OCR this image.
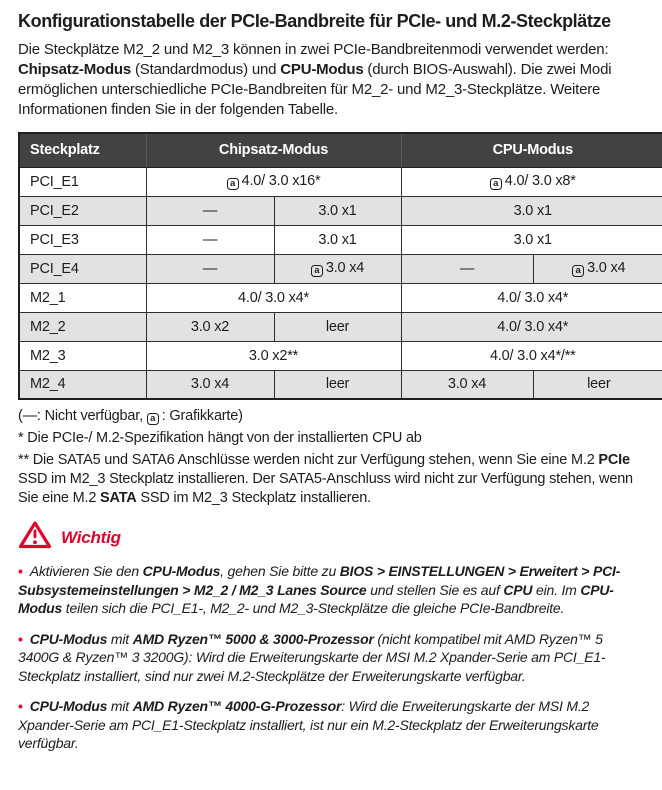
Konfigurationstabelle der PCIe-Bandbreite für PCIe- und M.2-Steckplätze

Die Steckplätze M2_2 und M2_3 können in zwei PCIe-Bandbreitenmodi verwendet werden: Chipsatz-Modus (Standardmodus) und CPU-Modus (durch BIOS-Auswahl). Die zwei Modi ermöglichen unterschiedliche PCIe-Bandbreiten für M2_2- und M2_3-Steckplätze. Weitere Informationen finden Sie in der folgenden Tabelle.

Steckplatz	Chipsatz-Modus		CPU-Modus	
PCI_E1	a 4.0/ 3.0 x16*		a 4.0/ 3.0 x8*	
PCI_E2	—	3.0 x1	3.0 x1	
PCI_E3	—	3.0 x1	3.0 x1	
PCI_E4	—	a 3.0 x4	—	a 3.0 x4
M2_1	4.0/ 3.0 x4*		4.0/ 3.0 x4*	
M2_2	3.0 x2	leer	4.0/ 3.0 x4*	
M2_3	3.0 x2**		4.0/ 3.0 x4*/**	
M2_4	3.0 x4	leer	3.0 x4	leer

(—: Nicht verfügbar, a : Grafikkarte)

* Die PCIe-/ M.2-Spezifikation hängt von der installierten CPU ab

** Die SATA5 und SATA6 Anschlüsse werden nicht zur Verfügung stehen, wenn Sie eine M.2 PCIe SSD im M2_3 Steckplatz installieren. Der SATA5-Anschluss wird nicht zur Verfügung stehen, wenn Sie eine M.2 SATA SSD im M2_3 Steckplatz installieren.

Wichtig

• Aktivieren Sie den CPU-Modus, gehen Sie bitte zu BIOS > EINSTELLUNGEN > Erweitert > PCI-Subsystemeinstellungen > M2_2 / M2_3 Lanes Source und stellen Sie es auf CPU ein. Im CPU-Modus teilen sich die PCI_E1-, M2_2- und M2_3-Steckplätze die gleiche PCIe-Bandbreite.

• CPU-Modus mit AMD Ryzen™ 5000 & 3000-Prozessor (nicht kompatibel mit AMD Ryzen™ 5 3400G & Ryzen™ 3 3200G): Wird die Erweiterungskarte der MSI M.2 Xpander-Serie am PCI_E1-Steckplatz installiert, sind nur zwei M.2-Steckplätze der Erweiterungskarte verfügbar.

• CPU-Modus mit AMD Ryzen™ 4000-G-Prozessor: Wird die Erweiterungskarte der MSI M.2 Xpander-Serie am PCI_E1-Steckplatz installiert, ist nur ein M.2-Steckplatz der Erweiterungskarte verfügbar.
